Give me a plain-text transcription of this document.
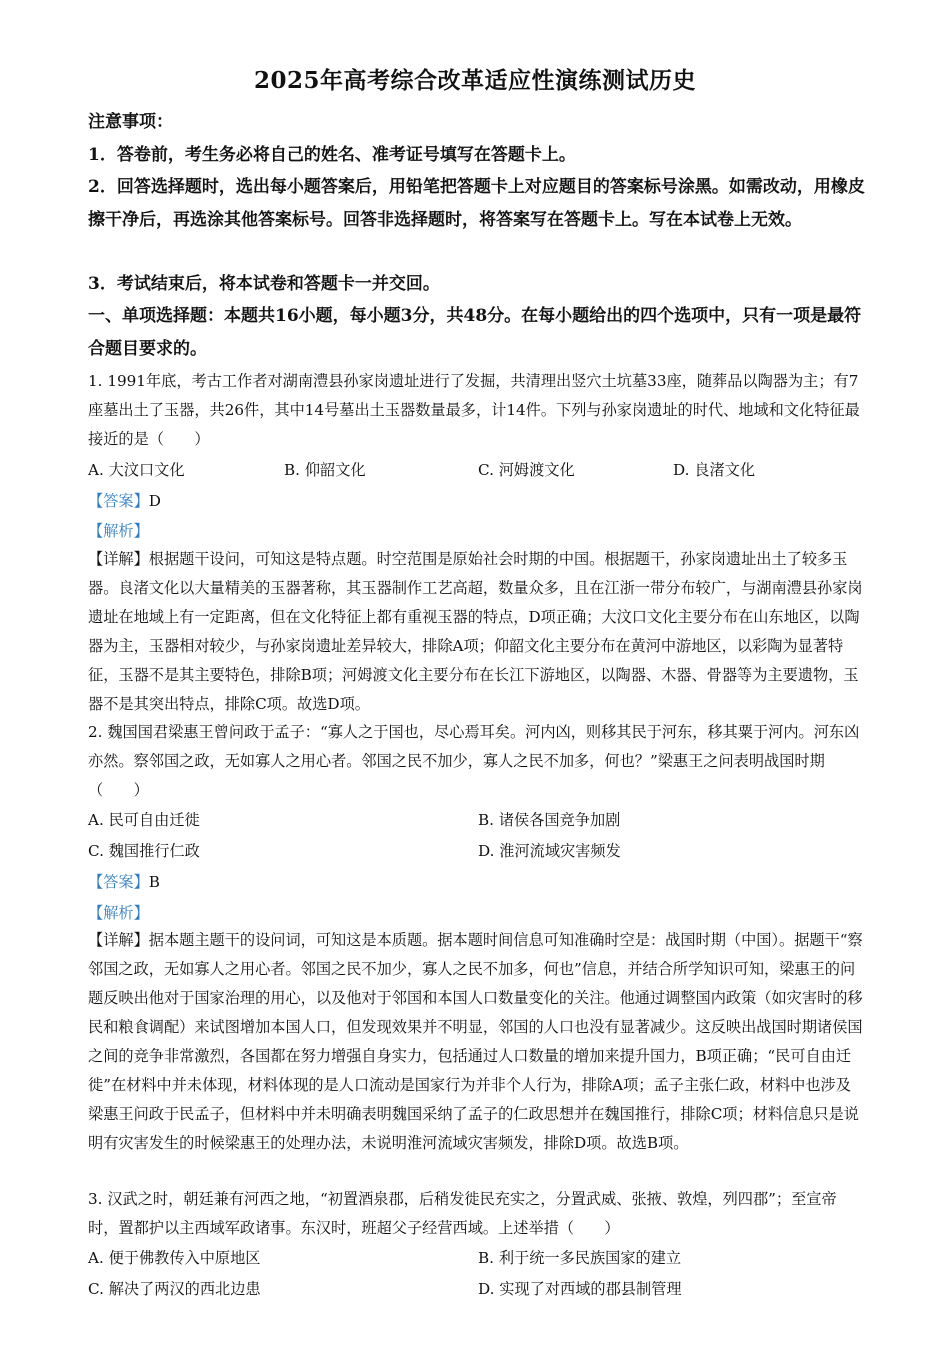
2025年高考综合改革适应性演练测试历史
注意事项：
1．答卷前，考生务必将自己的姓名、准考证号填写在答题卡上。
2．回答选择题时，选出每小题答案后，用铅笔把答题卡上对应题目的答案标号涂黑。如需改动，用橡皮擦干净后，再选涂其他答案标号。回答非选择题时，将答案写在答题卡上。写在本试卷上无效。
3．考试结束后，将本试卷和答题卡一并交回。
一、单项选择题：本题共16小题，每小题3分，共48分。在每小题给出的四个选项中，只有一项是最符合题目要求的。
1. 1991年底，考古工作者对湖南澧县孙家岗遗址进行了发掘，共清理出竖穴土坑墓33座，随葬品以陶器为主；有7座墓出土了玉器，共26件，其中14号墓出土玉器数量最多，计14件。下列与孙家岗遗址的时代、地域和文化特征最接近的是（　　）
A. 大汶口文化	B. 仰韶文化	C. 河姆渡文化	D. 良渚文化
【答案】D
【解析】
【详解】根据题干设问，可知这是特点题。时空范围是原始社会时期的中国。根据题干，孙家岗遗址出土了较多玉器。良渚文化以大量精美的玉器著称，其玉器制作工艺高超，数量众多，且在江浙一带分布较广，与湖南澧县孙家岗遗址在地域上有一定距离，但在文化特征上都有重视玉器的特点，D项正确；大汶口文化主要分布在山东地区，以陶器为主，玉器相对较少，与孙家岗遗址差异较大，排除A项；仰韶文化主要分布在黄河中游地区，以彩陶为显著特征，玉器不是其主要特色，排除B项；河姆渡文化主要分布在长江下游地区，以陶器、木器、骨器等为主要遗物，玉器不是其突出特点，排除C项。故选D项。
2. 魏国国君梁惠王曾问政于孟子：“寡人之于国也，尽心焉耳矣。河内凶，则移其民于河东，移其粟于河内。河东凶亦然。察邻国之政，无如寡人之用心者。邻国之民不加少，寡人之民不加多，何也？”梁惠王之问表明战国时期（　　）
A. 民可自由迁徙	B. 诸侯各国竞争加剧
C. 魏国推行仁政	D. 淮河流域灾害频发
【答案】B
【解析】
【详解】据本题主题干的设问词，可知这是本质题。据本题时间信息可知准确时空是：战国时期（中国）。据题干“察邻国之政，无如寡人之用心者。邻国之民不加少，寡人之民不加多，何也”信息，并结合所学知识可知，梁惠王的问题反映出他对于国家治理的用心，以及他对于邻国和本国人口数量变化的关注。他通过调整国内政策（如灾害时的移民和粮食调配）来试图增加本国人口，但发现效果并不明显，邻国的人口也没有显著减少。这反映出战国时期诸侯国之间的竞争非常激烈，各国都在努力增强自身实力，包括通过人口数量的增加来提升国力，B项正确；“民可自由迁徙”在材料中并未体现，材料体现的是人口流动是国家行为并非个人行为，排除A项；孟子主张仁政，材料中也涉及梁惠王问政于民孟子，但材料中并未明确表明魏国采纳了孟子的仁政思想并在魏国推行，排除C项；材料信息只是说明有灾害发生的时候梁惠王的处理办法，未说明淮河流域灾害频发，排除D项。故选B项。
3. 汉武之时，朝廷兼有河西之地，“初置酒泉郡，后稍发徙民充实之，分置武威、张掖、敦煌，列四郡”；至宣帝时，置都护以主西域军政诸事。东汉时，班超父子经营西域。上述举措（　　）
A. 便于佛教传入中原地区	B. 利于统一多民族国家的建立
C. 解决了两汉的西北边患	D. 实现了对西域的郡县制管理
